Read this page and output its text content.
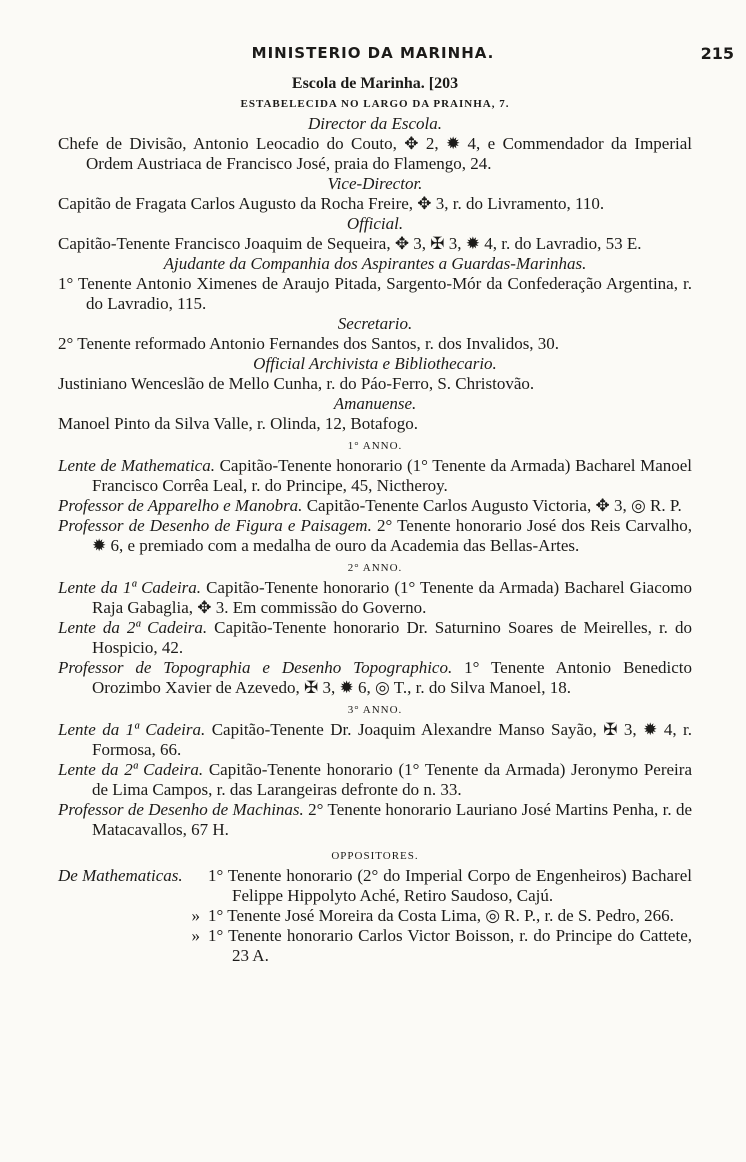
MINISTERIO DA MARINHA.	215
Escola de Marinha. [203
ESTABELECIDA NO LARGO DA PRAINHA, 7.
Director da Escola.
Chefe de Divisão, Antonio Leocadio do Couto, ✥ 2, ✹ 4, e Commendador da Imperial Ordem Austriaca de Francisco José, praia do Flamengo, 24.
Vice-Director.
Capitão de Fragata Carlos Augusto da Rocha Freire, ✥ 3, r. do Livramento, 110.
Official.
Capitão-Tenente Francisco Joaquim de Sequeira, ✥ 3, ✠ 3, ✹ 4, r. do Lavradio, 53 E.
Ajudante da Companhia dos Aspirantes a Guardas-Marinhas.
1° Tenente Antonio Ximenes de Araujo Pitada, Sargento-Mór da Confederação Argentina, r. do Lavradio, 115.
Secretario.
2° Tenente reformado Antonio Fernandes dos Santos, r. dos Invalidos, 30.
Official Archivista e Bibliothecario.
Justiniano Wenceslão de Mello Cunha, r. do Páo-Ferro, S. Christovão.
Amanuense.
Manoel Pinto da Silva Valle, r. Olinda, 12, Botafogo.
1° ANNO.
Lente de Mathematica. Capitão-Tenente honorario (1° Tenente da Armada) Bacharel Manoel Francisco Corrêa Leal, r. do Principe, 45, Nictheroy.
Professor de Apparelho e Manobra. Capitão-Tenente Carlos Augusto Victoria, ✥ 3, ◎ R. P.
Professor de Desenho de Figura e Paisagem. 2° Tenente honorario José dos Reis Carvalho, ✹ 6, e premiado com a medalha de ouro da Academia das Bellas-Artes.
2° ANNO.
Lente da 1ª Cadeira. Capitão-Tenente honorario (1° Tenente da Armada) Bacharel Giacomo Raja Gabaglia, ✥ 3. Em commissão do Governo.
Lente da 2ª Cadeira. Capitão-Tenente honorario Dr. Saturnino Soares de Meirelles, r. do Hospicio, 42.
Professor de Topographia e Desenho Topographico. 1° Tenente Antonio Benedicto Orozimbo Xavier de Azevedo, ✠ 3, ✹ 6, ◎ T., r. do Silva Manoel, 18.
3° ANNO.
Lente da 1ª Cadeira. Capitão-Tenente Dr. Joaquim Alexandre Manso Sayão, ✠ 3, ✹ 4, r. Formosa, 66.
Lente da 2ª Cadeira. Capitão-Tenente honorario (1° Tenente da Armada) Jeronymo Pereira de Lima Campos, r. das Larangeiras defronte do n. 33.
Professor de Desenho de Machinas. 2° Tenente honorario Lauriano José Martins Penha, r. de Matacavallos, 67 H.
OPPOSITORES.
De Mathematicas.	1° Tenente honorario (2° do Imperial Corpo de Engenheiros) Bacharel Felippe Hippolyto Aché, Retiro Saudoso, Cajú.
» 1° Tenente José Moreira da Costa Lima, ◎ R. P., r. de S. Pedro, 266.
» 1° Tenente honorario Carlos Victor Boisson, r. do Principe do Cattete, 23 A.
